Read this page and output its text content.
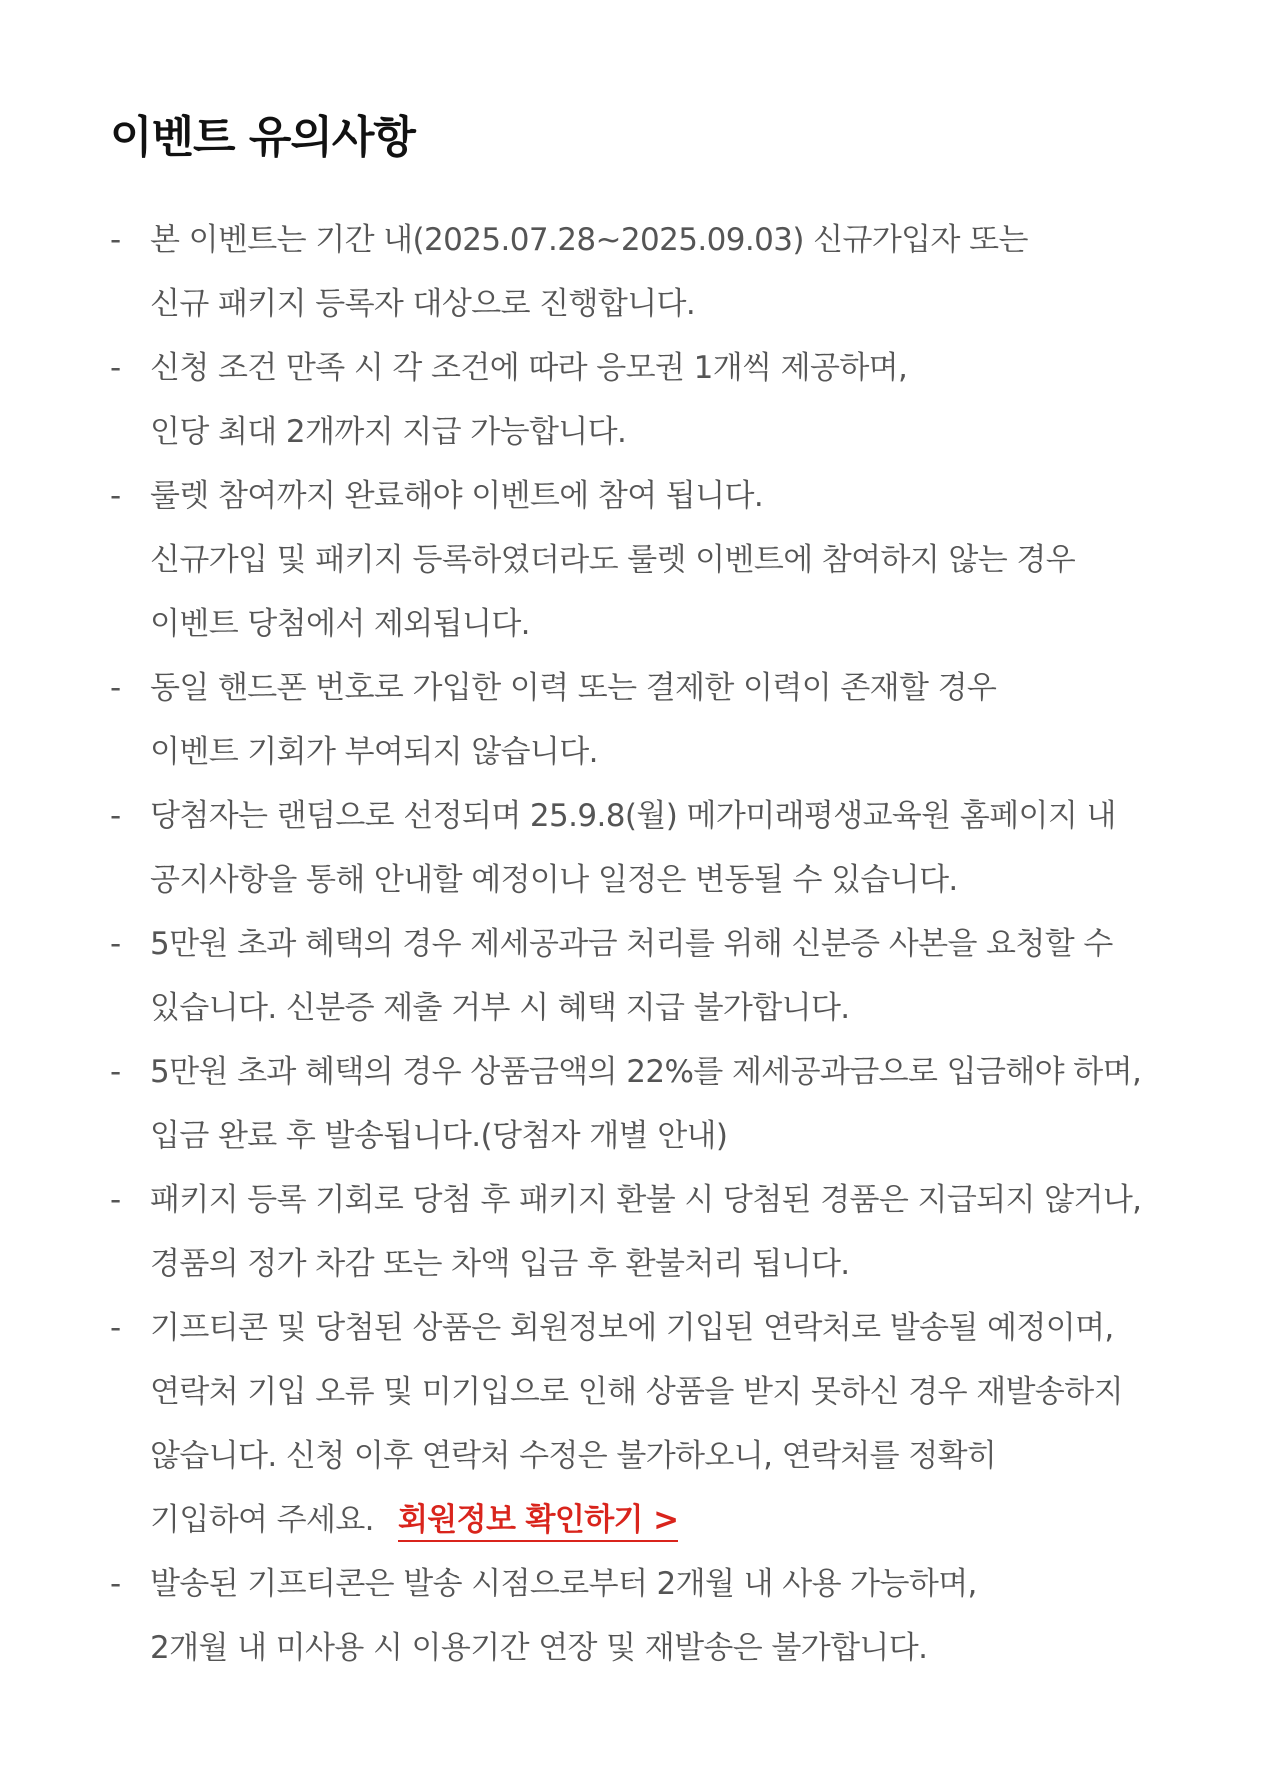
이벤트 유의사항
- 본 이벤트는 기간 내(2025.07.28~2025.09.03) 신규가입자 또는
신규 패키지 등록자 대상으로 진행합니다.
- 신청 조건 만족 시 각 조건에 따라 응모권 1개씩 제공하며,
인당 최대 2개까지 지급 가능합니다.
- 룰렛 참여까지 완료해야 이벤트에 참여 됩니다.
신규가입 및 패키지 등록하였더라도 룰렛 이벤트에 참여하지 않는 경우
이벤트 당첨에서 제외됩니다.
- 동일 핸드폰 번호로 가입한 이력 또는 결제한 이력이 존재할 경우
이벤트 기회가 부여되지 않습니다.
- 당첨자는 랜덤으로 선정되며 25.9.8(월) 메가미래평생교육원 홈페이지 내
공지사항을 통해 안내할 예정이나 일정은 변동될 수 있습니다.
- 5만원 초과 혜택의 경우 제세공과금 처리를 위해 신분증 사본을 요청할 수
있습니다. 신분증 제출 거부 시 혜택 지급 불가합니다.
- 5만원 초과 혜택의 경우 상품금액의 22%를 제세공과금으로 입금해야 하며,
입금 완료 후 발송됩니다.(당첨자 개별 안내)
- 패키지 등록 기회로 당첨 후 패키지 환불 시 당첨된 경품은 지급되지 않거나,
경품의 정가 차감 또는 차액 입금 후 환불처리 됩니다.
- 기프티콘 및 당첨된 상품은 회원정보에 기입된 연락처로 발송될 예정이며,
연락처 기입 오류 및 미기입으로 인해 상품을 받지 못하신 경우 재발송하지
않습니다. 신청 이후 연락처 수정은 불가하오니, 연락처를 정확히
기입하여 주세요. 회원정보 확인하기 >
- 발송된 기프티콘은 발송 시점으로부터 2개월 내 사용 가능하며,
2개월 내 미사용 시 이용기간 연장 및 재발송은 불가합니다.
